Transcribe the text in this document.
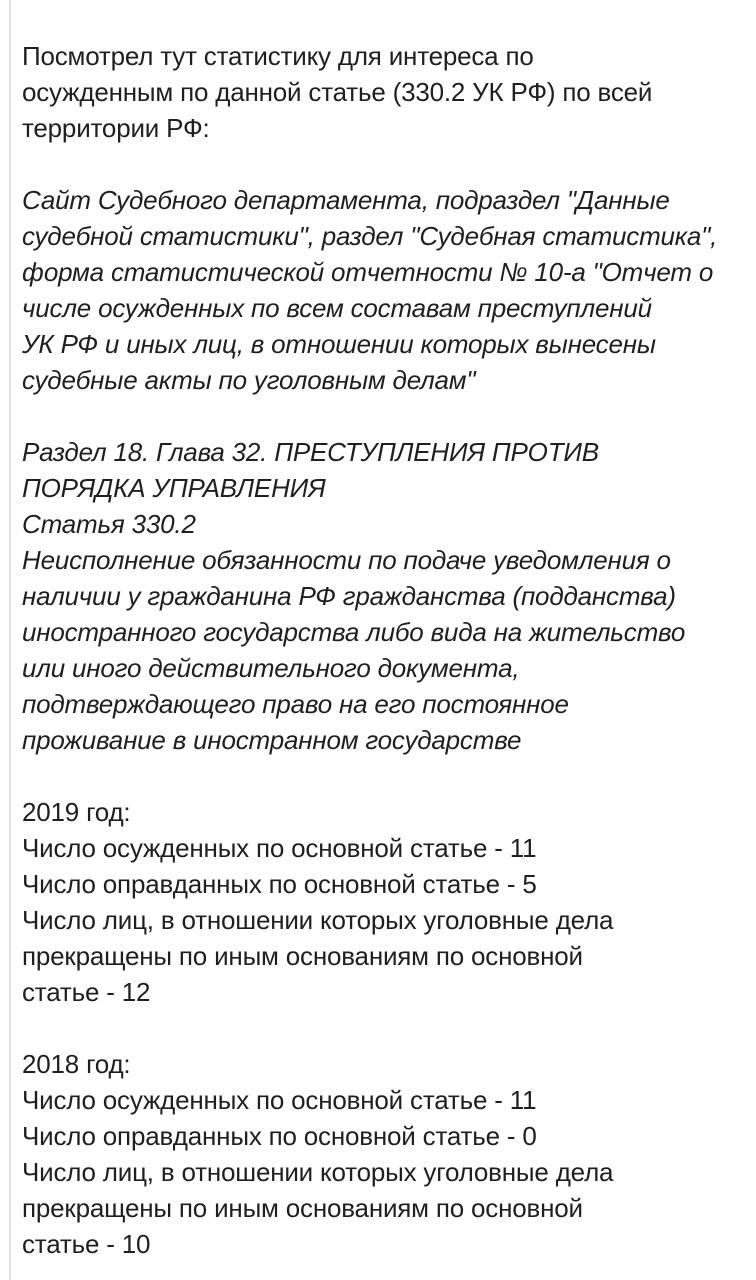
Посмотрел тут статистику для интереса по
осужденным по данной статье (330.2 УК РФ) по всей
территории РФ:

Сайт Судебного департамента, подраздел "Данные
судебной статистики", раздел "Судебная статистика",
форма статистической отчетности № 10-а "Отчет о
числе осужденных по всем составам преступлений
УК РФ и иных лиц, в отношении которых вынесены
судебные акты по уголовным делам"

Раздел 18. Глава 32. ПРЕСТУПЛЕНИЯ ПРОТИВ
ПОРЯДКА УПРАВЛЕНИЯ
Статья 330.2
Неисполнение обязанности по подаче уведомления о
наличии у гражданина РФ гражданства (подданства)
иностранного государства либо вида на жительство
или иного действительного документа,
подтверждающего право на его постоянное
проживание в иностранном государстве

2019 год:
Число осужденных по основной статье - 11
Число оправданных по основной статье - 5
Число лиц, в отношении которых уголовные дела
прекращены по иным основаниям по основной
статье - 12

2018 год:
Число осужденных по основной статье - 11
Число оправданных по основной статье - 0
Число лиц, в отношении которых уголовные дела
прекращены по иным основаниям по основной
статье - 10
